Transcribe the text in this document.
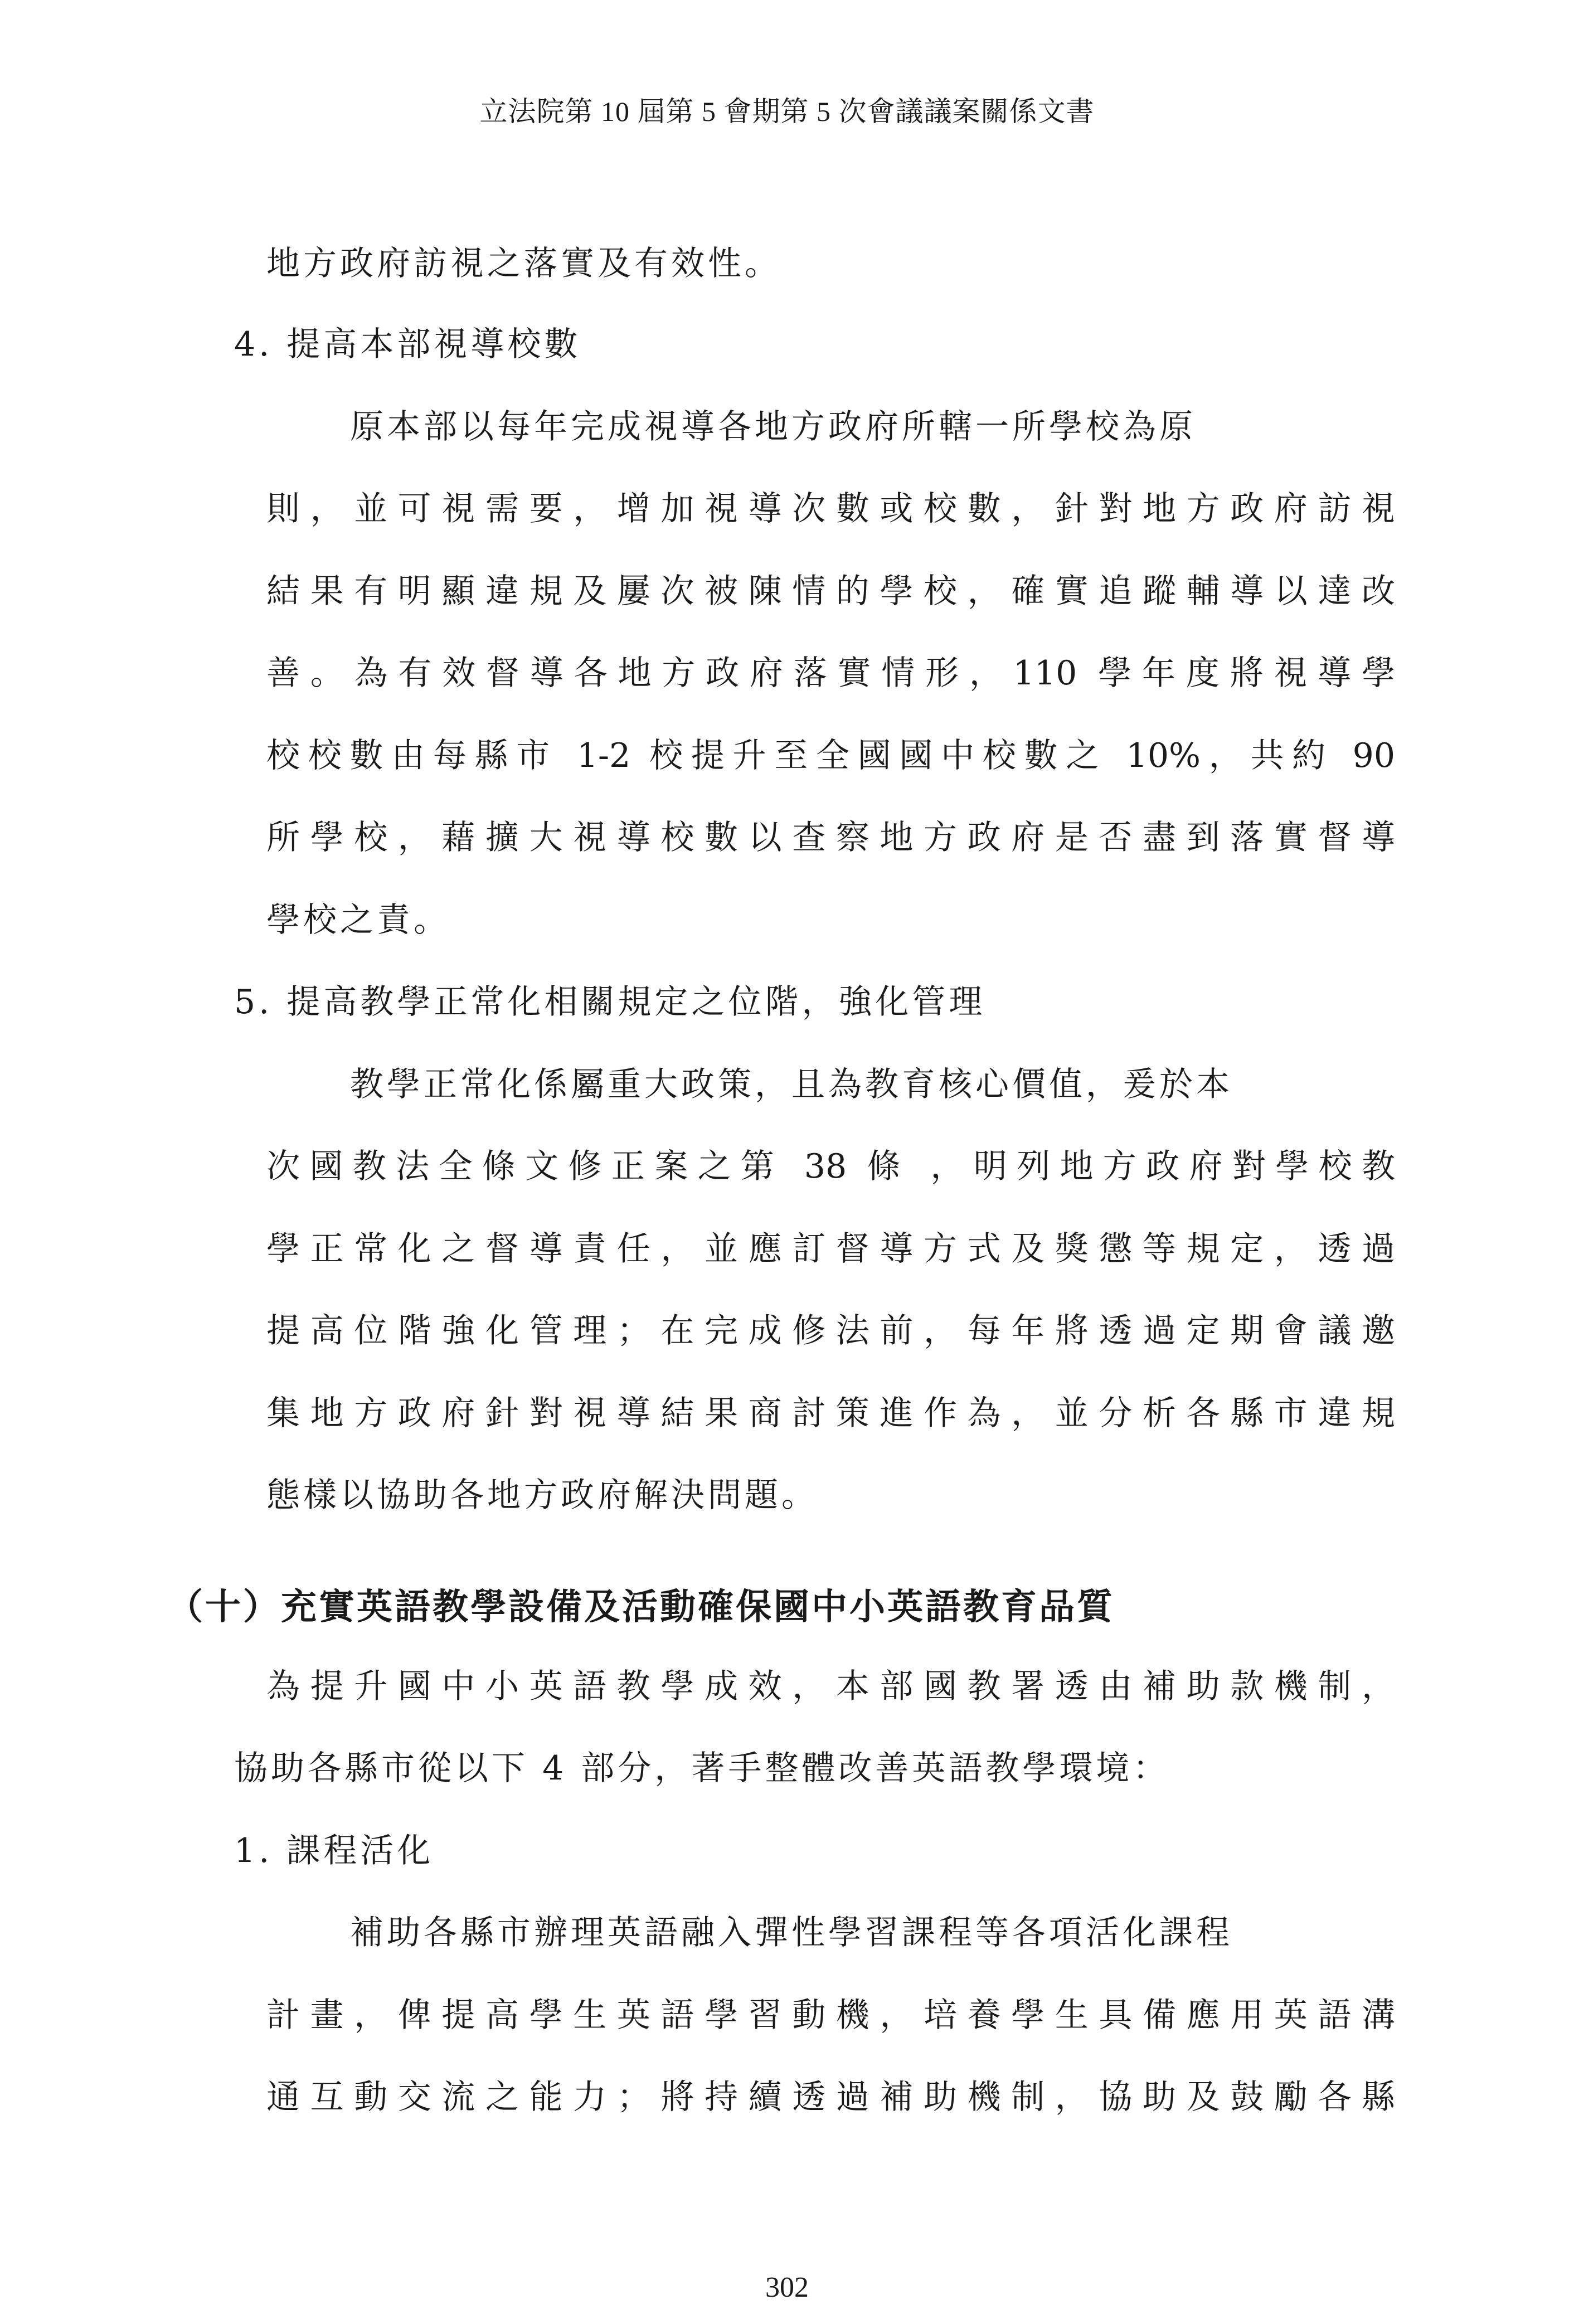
立法院第 10 屆第 5 會期第 5 次會議議案關係文書
地方政府訪視之落實及有效性。
4. 提高本部視導校數
原本部以每年完成視導各地方政府所轄一所學校為原
則，並可視需要，增加視導次數或校數，針對地方政府訪視
結果有明顯違規及屢次被陳情的學校，確實追蹤輔導以達改
善。為有效督導各地方政府落實情形，110 學年度將視導學
校校數由每縣市 1-2 校提升至全國國中校數之 10%，共約 90
所學校，藉擴大視導校數以查察地方政府是否盡到落實督導
學校之責。
5. 提高教學正常化相關規定之位階，強化管理
教學正常化係屬重大政策，且為教育核心價值，爰於本
次國教法全條文修正案之第 38 條 ，明列地方政府對學校教
學正常化之督導責任，並應訂督導方式及獎懲等規定，透過
提高位階強化管理；在完成修法前，每年將透過定期會議邀
集地方政府針對視導結果商討策進作為，並分析各縣市違規
態樣以協助各地方政府解決問題。
（十）充實英語教學設備及活動確保國中小英語教育品質
為提升國中小英語教學成效，本部國教署透由補助款機制，
協助各縣市從以下 4 部分，著手整體改善英語教學環境：
1. 課程活化
補助各縣市辦理英語融入彈性學習課程等各項活化課程
計畫，俾提高學生英語學習動機，培養學生具備應用英語溝
通互動交流之能力；將持續透過補助機制，協助及鼓勵各縣
302
